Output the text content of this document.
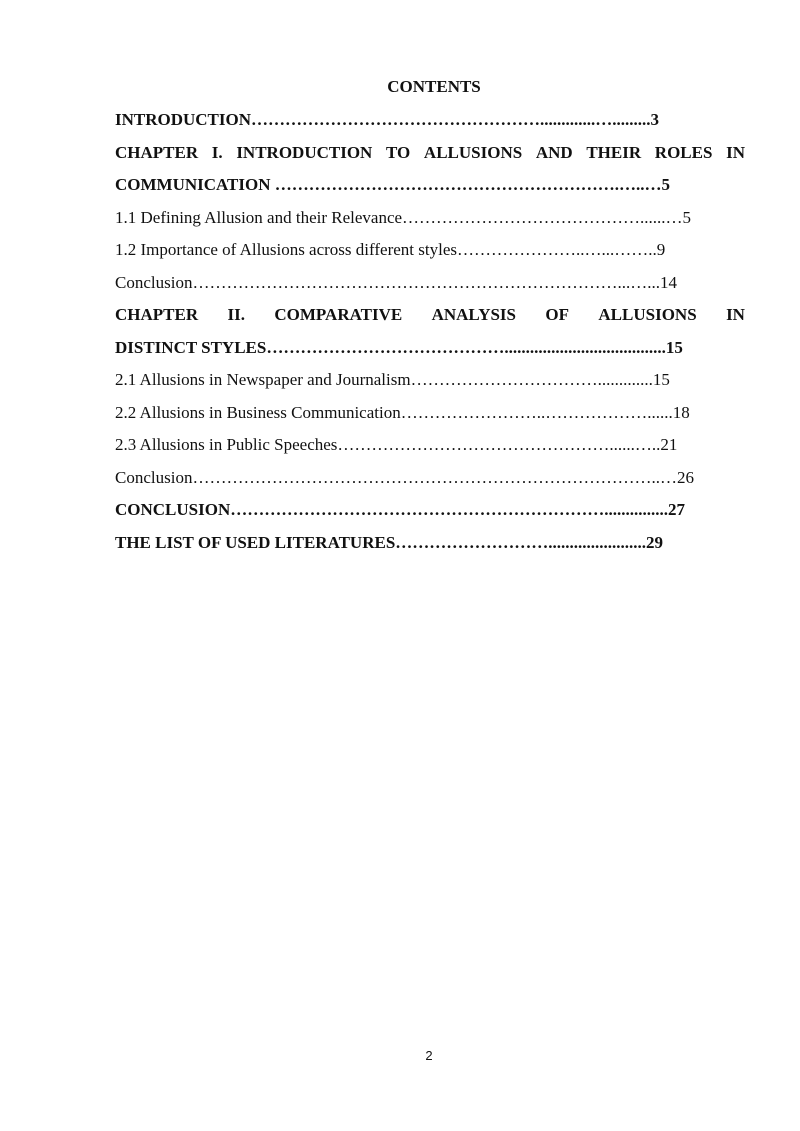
CONTENTS
INTRODUCTION…………………………………………….............….........3
CHAPTER I. INTRODUCTION TO ALLUSIONS AND THEIR ROLES IN
COMMUNICATION …………………………………………………….…..…5
1.1 Defining Allusion and their Relevance……………………………………......…5
1.2 Importance of Allusions across different styles…………………..…...……..9
Conclusion…………………………………………………………………...…...14
CHAPTER II. COMPARATIVE ANALYSIS OF ALLUSIONS IN
DISTINCT STYLES……………………………………......................................15
2.1 Allusions in Newspaper and Journalism…………………………….............15
2.2 Allusions in Business Communication……………………..………………......18
2.3 Allusions in Public Speeches…………………………………………......…..21
Conclusion………………………………………………………………………..…26
CONCLUSION…………………………………………………………...............27
THE LIST OF USED LITERATURES……………………….......................29
2
